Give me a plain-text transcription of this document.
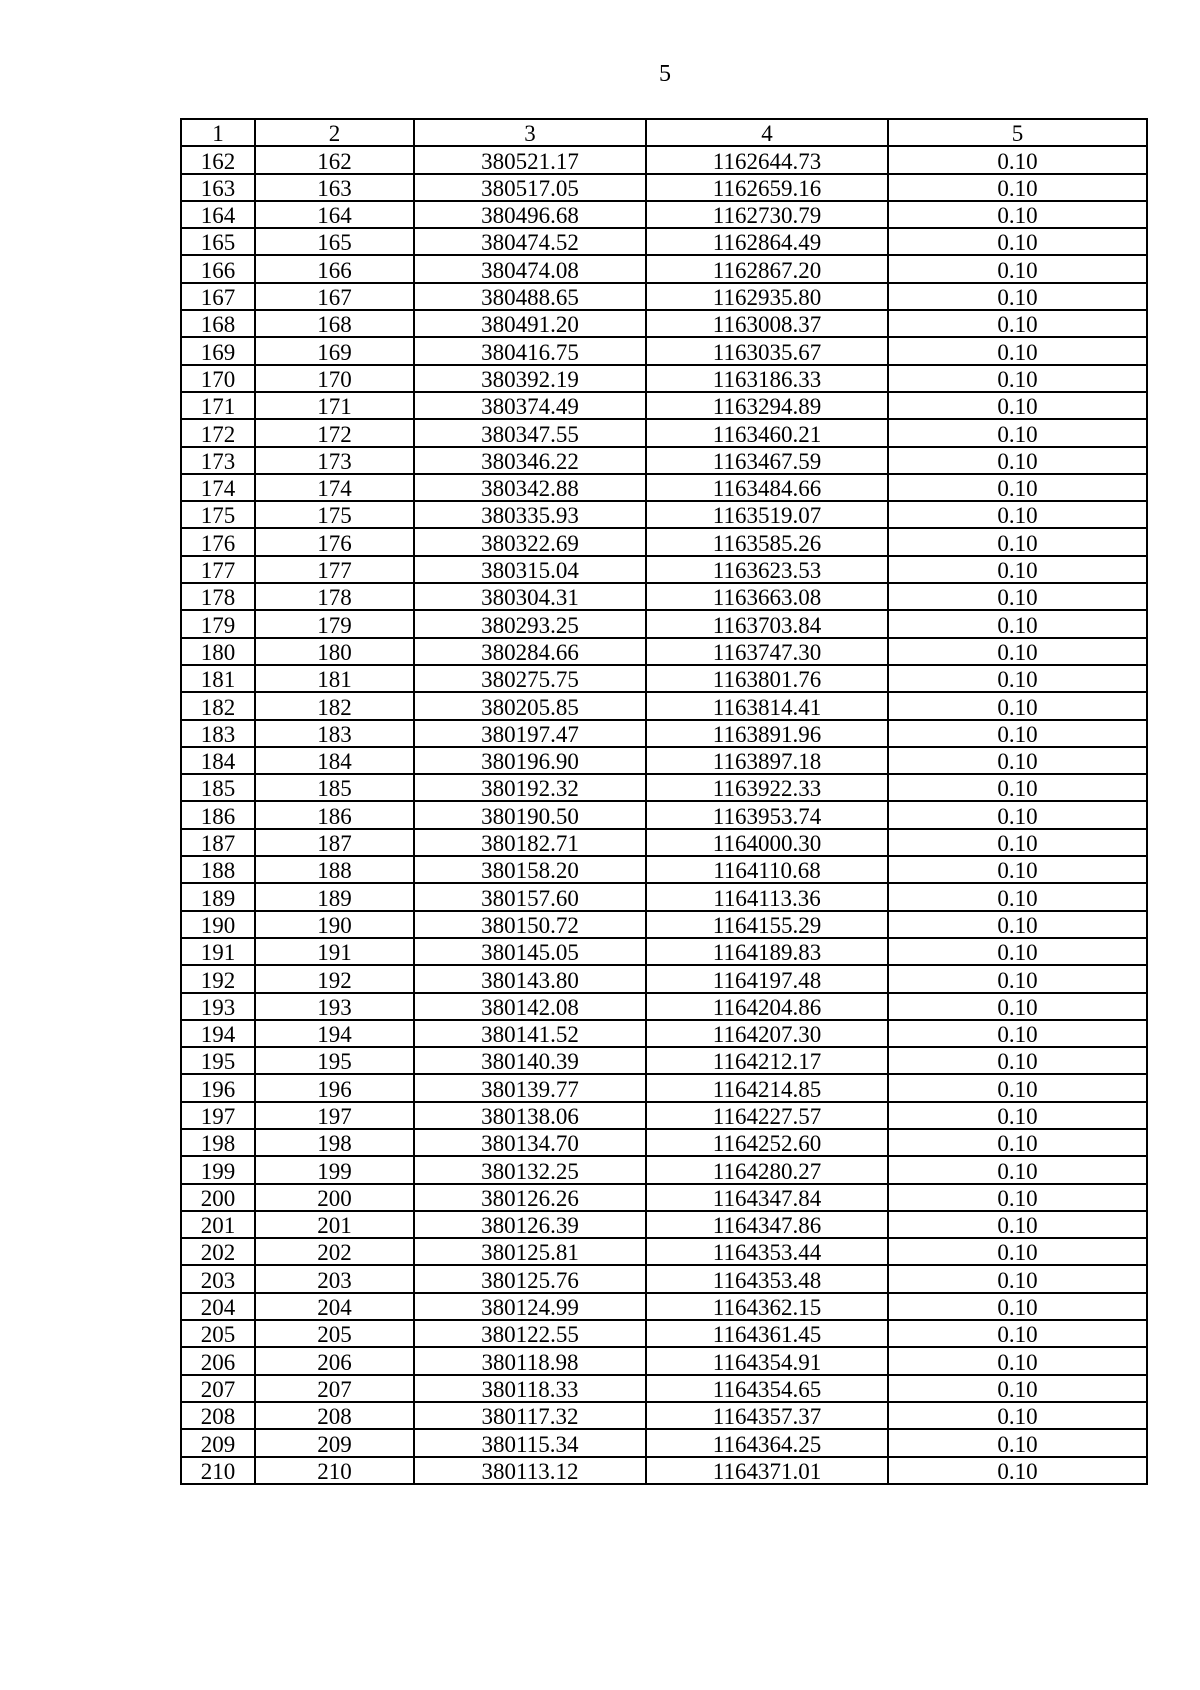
5
1	2	3	4	5
162	162	380521.17	1162644.73	0.10
163	163	380517.05	1162659.16	0.10
164	164	380496.68	1162730.79	0.10
165	165	380474.52	1162864.49	0.10
166	166	380474.08	1162867.20	0.10
167	167	380488.65	1162935.80	0.10
168	168	380491.20	1163008.37	0.10
169	169	380416.75	1163035.67	0.10
170	170	380392.19	1163186.33	0.10
171	171	380374.49	1163294.89	0.10
172	172	380347.55	1163460.21	0.10
173	173	380346.22	1163467.59	0.10
174	174	380342.88	1163484.66	0.10
175	175	380335.93	1163519.07	0.10
176	176	380322.69	1163585.26	0.10
177	177	380315.04	1163623.53	0.10
178	178	380304.31	1163663.08	0.10
179	179	380293.25	1163703.84	0.10
180	180	380284.66	1163747.30	0.10
181	181	380275.75	1163801.76	0.10
182	182	380205.85	1163814.41	0.10
183	183	380197.47	1163891.96	0.10
184	184	380196.90	1163897.18	0.10
185	185	380192.32	1163922.33	0.10
186	186	380190.50	1163953.74	0.10
187	187	380182.71	1164000.30	0.10
188	188	380158.20	1164110.68	0.10
189	189	380157.60	1164113.36	0.10
190	190	380150.72	1164155.29	0.10
191	191	380145.05	1164189.83	0.10
192	192	380143.80	1164197.48	0.10
193	193	380142.08	1164204.86	0.10
194	194	380141.52	1164207.30	0.10
195	195	380140.39	1164212.17	0.10
196	196	380139.77	1164214.85	0.10
197	197	380138.06	1164227.57	0.10
198	198	380134.70	1164252.60	0.10
199	199	380132.25	1164280.27	0.10
200	200	380126.26	1164347.84	0.10
201	201	380126.39	1164347.86	0.10
202	202	380125.81	1164353.44	0.10
203	203	380125.76	1164353.48	0.10
204	204	380124.99	1164362.15	0.10
205	205	380122.55	1164361.45	0.10
206	206	380118.98	1164354.91	0.10
207	207	380118.33	1164354.65	0.10
208	208	380117.32	1164357.37	0.10
209	209	380115.34	1164364.25	0.10
210	210	380113.12	1164371.01	0.10
